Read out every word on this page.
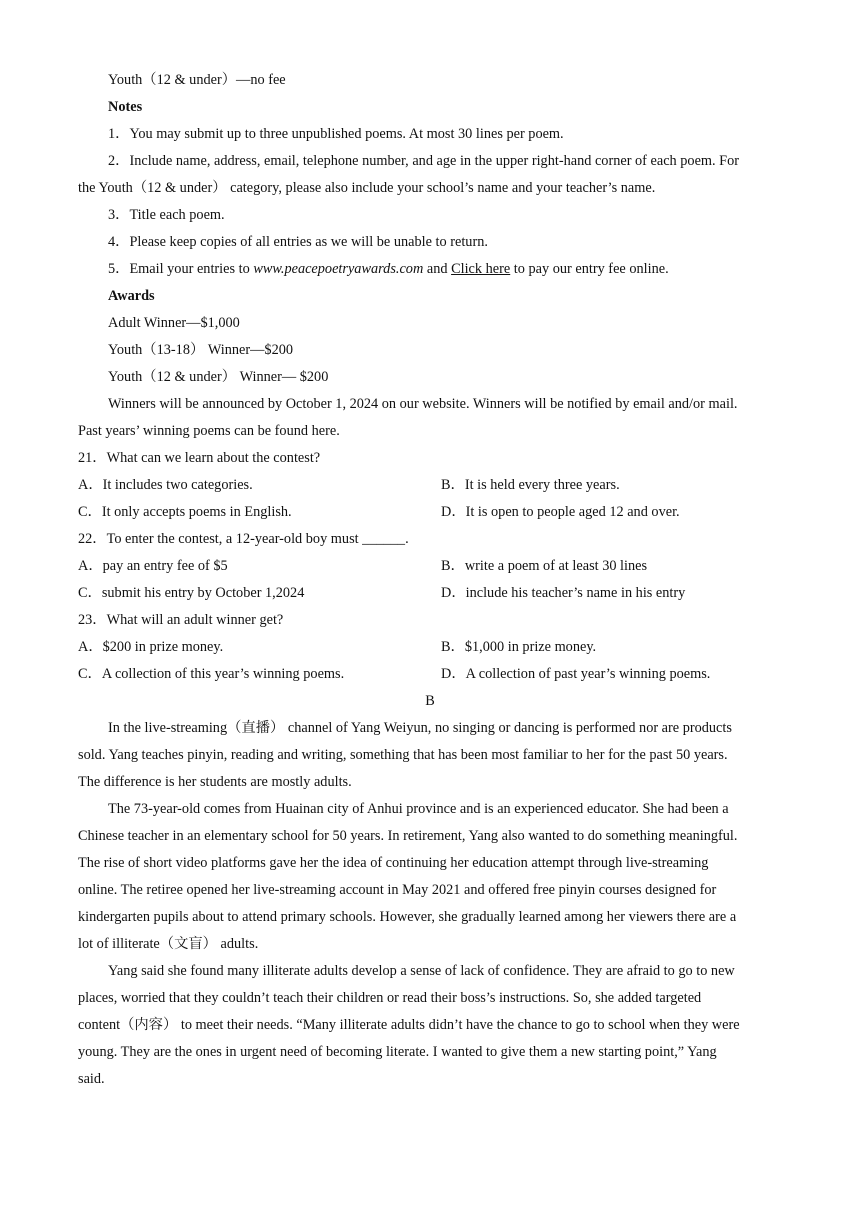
Youth（12 & under）—no fee
Notes
1．You may submit up to three unpublished poems. At most 30 lines per poem.
2．Include name, address, email, telephone number, and age in the upper right-hand corner of each poem. For
the Youth（12 & under） category, please also include your school’s name and your teacher’s name.
3．Title each poem.
4．Please keep copies of all entries as we will be unable to return.
5．Email your entries to www.peacepoetryawards.com and Click here to pay our entry fee online.
Awards
Adult Winner—$1,000
Youth（13-18） Winner—$200
Youth（12 & under） Winner— $200
Winners will be announced by October 1, 2024 on our website. Winners will be notified by email and/or mail.
Past years’ winning poems can be found here.
21．What can we learn about the contest?
A．It includes two categories.	B．It is held every three years.
C．It only accepts poems in English.	D．It is open to people aged 12 and over.
22．To enter the contest, a 12-year-old boy must ______.
A．pay an entry fee of $5	B．write a poem of at least 30 lines
C．submit his entry by October 1,2024	D．include his teacher’s name in his entry
23．What will an adult winner get?
A．$200 in prize money.	B．$1,000 in prize money.
C．A collection of this year’s winning poems.	D．A collection of past year’s winning poems.
B
In the live-streaming（直播） channel of Yang Weiyun, no singing or dancing is performed nor are products
sold. Yang teaches pinyin, reading and writing, something that has been most familiar to her for the past 50 years.
The difference is her students are mostly adults.
The 73-year-old comes from Huainan city of Anhui province and is an experienced educator. She had been a
Chinese teacher in an elementary school for 50 years. In retirement, Yang also wanted to do something meaningful.
The rise of short video platforms gave her the idea of continuing her education attempt through live-streaming
online. The retiree opened her live-streaming account in May 2021 and offered free pinyin courses designed for
kindergarten pupils about to attend primary schools. However, she gradually learned among her viewers there are a
lot of illiterate（文盲） adults.
Yang said she found many illiterate adults develop a sense of lack of confidence. They are afraid to go to new
places, worried that they couldn’t teach their children or read their boss’s instructions. So, she added targeted
content（内容） to meet their needs. “Many illiterate adults didn’t have the chance to go to school when they were
young. They are the ones in urgent need of becoming literate. I wanted to give them a new starting point,” Yang
said.
